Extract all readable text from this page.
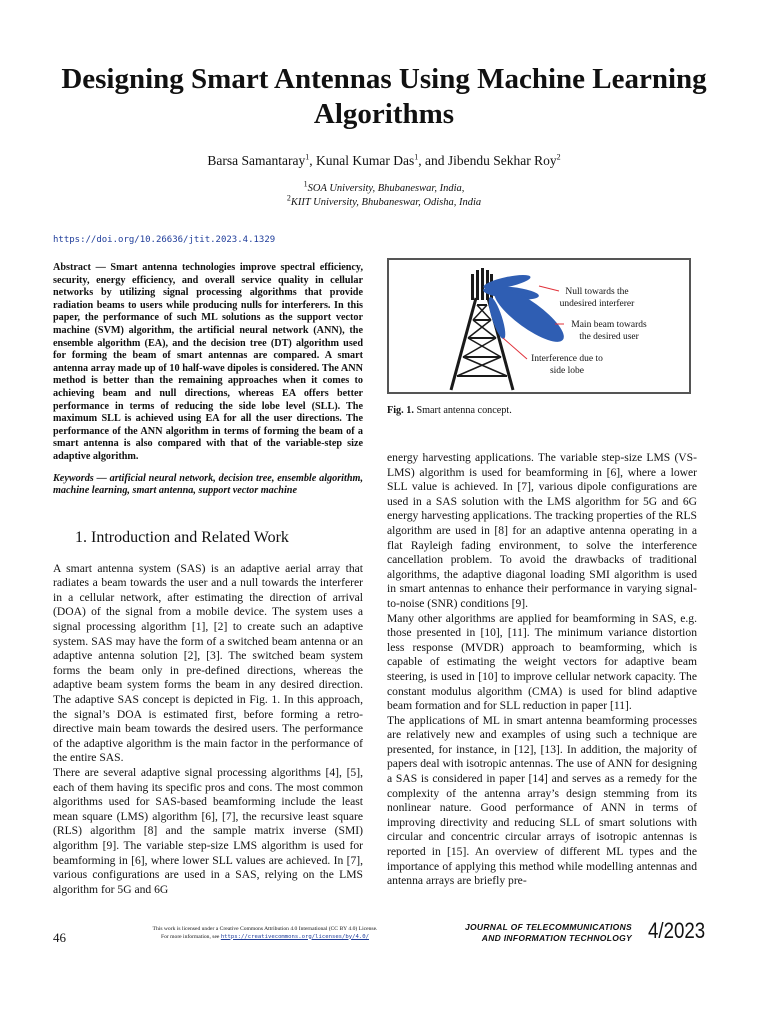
Designing Smart Antennas Using Machine Learning Algorithms
Barsa Samantaray$^1$, Kunal Kumar Das$^1$, and Jibendu Sekhar Roy$^2$
$^1$SOA University, Bhubaneswar, India,
$^2$KIIT University, Bhubaneswar, Odisha, India
https://doi.org/10.26636/jtit.2023.4.1329

Abstract — Smart antenna technologies improve spectral efficiency, security, energy efficiency, and overall service quality in cellular networks by utilizing signal processing algorithms that provide radiation beams to users while producing nulls for interferers. In this paper, the performance of such ML solutions as the support vector machine (SVM) algorithm, the artificial neural network (ANN), the ensemble algorithm (EA), and the decision tree (DT) algorithm used for forming the beam of smart antennas are compared. A smart antenna array made up of 10 half-wave dipoles is considered. The ANN method is better than the remaining approaches when it comes to achieving beam and null directions, whereas EA offers better performance in terms of reducing the side lobe level (SLL). The maximum SLL is achieved using EA for all the user directions. The performance of the ANN algorithm in terms of forming the beam of a smart antenna is also compared with that of the variable-step size adaptive algorithm.

Keywords — artificial neural network, decision tree, ensemble algorithm, machine learning, smart antenna, support vector machine

1. Introduction and Related Work

A smart antenna system (SAS) is an adaptive aerial array that radiates a beam towards the user and a null towards the interferer in a cellular network, after estimating the direction of arrival (DOA) of the signal from a mobile device. The system uses a signal processing algorithm [1], [2] to create such an adaptive system. SAS may have the form of a switched beam antenna or an adaptive antenna solution [2], [3]. The switched beam system forms the beam only in pre-defined directions, whereas the adaptive beam system forms the beam in any desired direction. The adaptive SAS concept is depicted in Fig. 1. In this approach, the signal’s DOA is estimated first, before forming a retro-directive main beam towards the desired users. The performance of the adaptive algorithm is the main factor in the performance of the entire SAS.

There are several adaptive signal processing algorithms [4], [5], each of them having its specific pros and cons. The most common algorithms used for SAS-based beamforming include the least mean square (LMS) algorithm [6], [7], the recursive least square (RLS) algorithm [8] and the sample matrix inverse (SMI) algorithm [9]. The variable step-size LMS algorithm is used for beamforming in [6], where lower SLL values are achieved. In [7], various configurations are used in a SAS, relying on the LMS algorithm for 5G and 6G

Null towards the
undesired interferer
Main beam towards
the desired user
Interference due to
side lobe

Fig. 1. Smart antenna concept.

energy harvesting applications. The variable step-size LMS (VS-LMS) algorithm is used for beamforming in [6], where a lower SLL value is achieved. In [7], various dipole configurations are used in a SAS solution with the LMS algorithm for 5G and 6G energy harvesting applications. The tracking properties of the RLS algorithm are used in [8] for an adaptive antenna operating in a flat Rayleigh fading environment, to solve the interference cancellation problem. To avoid the drawbacks of traditional algorithms, the adaptive diagonal loading SMI algorithm is used in smart antennas to enhance their performance in varying signal-to-noise (SNR) conditions [9].

Many other algorithms are applied for beamforming in SAS, e.g. those presented in [10], [11]. The minimum variance distortion less response (MVDR) approach to beamforming, which is capable of estimating the weight vectors for adaptive beam steering, is used in [10] to improve cellular network capacity. The constant modulus algorithm (CMA) is used for blind adaptive beam formation and for SLL reduction in paper [11].

The applications of ML in smart antenna beamforming processes are relatively new and examples of using such a technique are presented, for instance, in [12], [13]. In addition, the majority of papers deal with isotropic antennas. The use of ANN for designing a SAS is considered in paper [14] and serves as a remedy for the complexity of the antenna array’s design stemming from its nonlinear nature. Good performance of ANN in terms of improving directivity and reducing SLL of smart solutions with circular and concentric circular arrays of isotropic antennas is reported in [15]. An overview of different ML types and the importance of applying this method while modelling antennas and antenna arrays are briefly pre-

46
This work is licensed under a Creative Commons Attribution 4.0 International (CC BY 4.0) License.
For more information, see https://creativecommons.org/licenses/by/4.0/
JOURNAL OF TELECOMMUNICATIONS
AND INFORMATION TECHNOLOGY 4/2023
